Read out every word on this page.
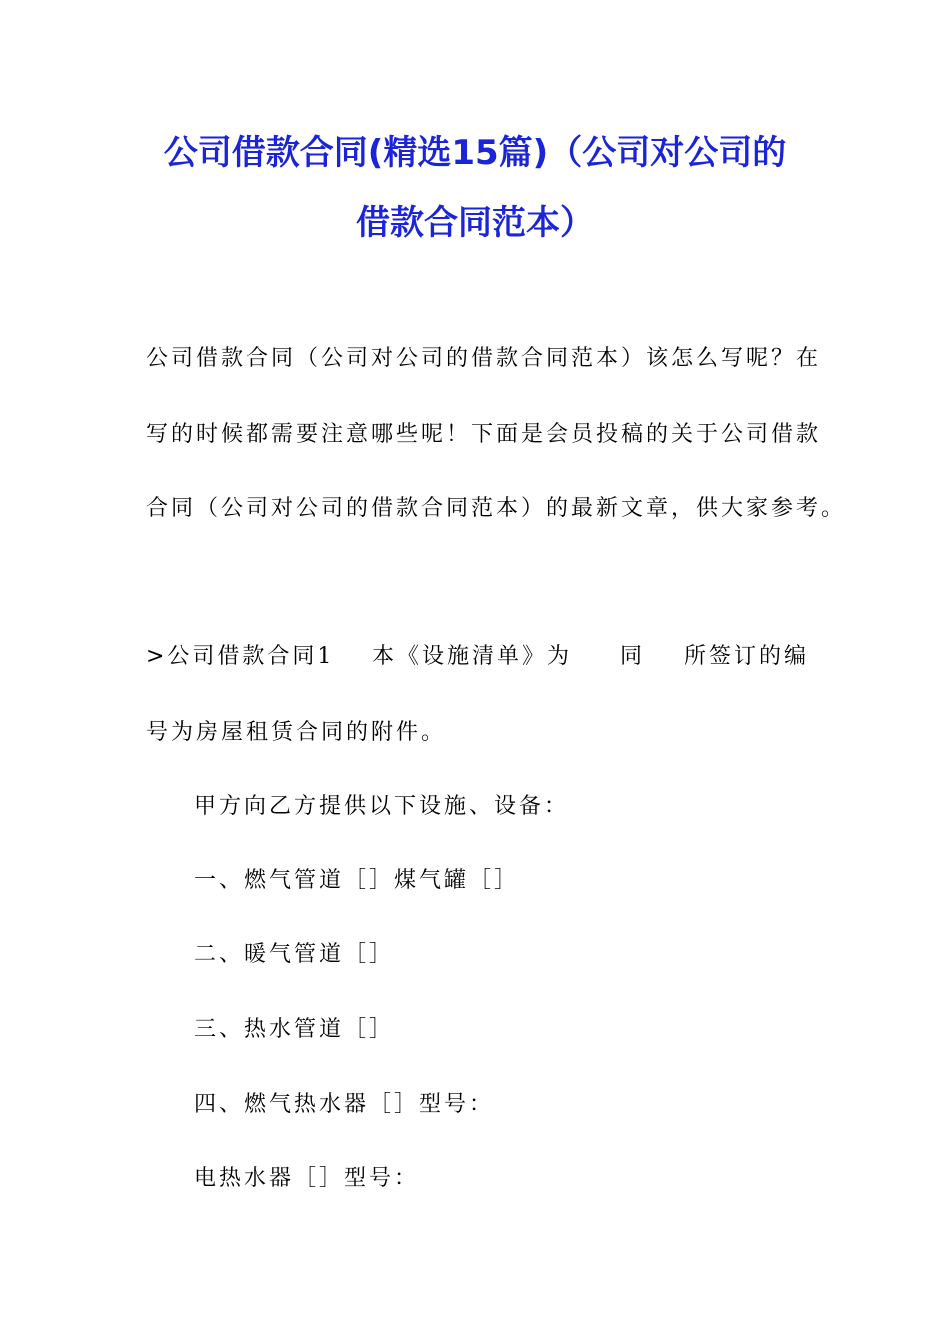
公司借款合同(精选15篇)（公司对公司的
借款合同范本）
公司借款合同（公司对公司的借款合同范本）该怎么写呢？在
写的时候都需要注意哪些呢！下面是会员投稿的关于公司借款
合同（公司对公司的借款合同范本）的最新文章，供大家参考。
>公司借款合同1 本《设施清单》为 同 所签订的编
号为房屋租赁合同的附件。
甲方向乙方提供以下设施、设备：
一、燃气管道［］煤气罐［］
二、暖气管道［］
三、热水管道［］
四、燃气热水器［］型号：
电热水器［］型号：
